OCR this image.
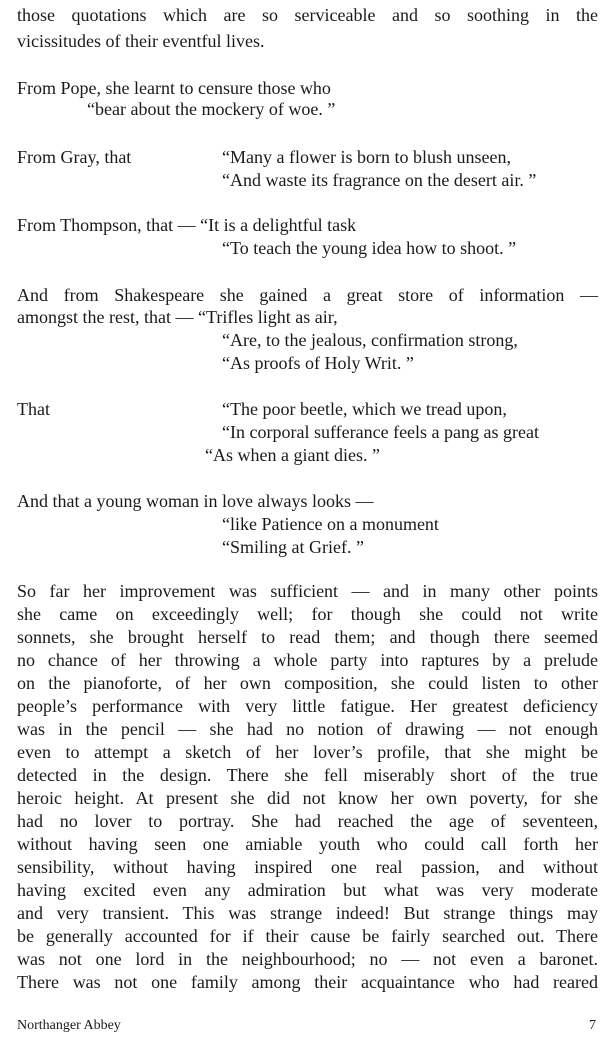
those quotations which are so serviceable and so soothing in the
vicissitudes of their eventful lives.
From Pope, she learnt to censure those who
“bear about the mockery of woe. ”
From Gray, that	“Many a flower is born to blush unseen,
“And waste its fragrance on the desert air. ”
From Thompson, that — “It is a delightful task
“To teach the young idea how to shoot. ”
And from Shakespeare she gained a great store of information —
amongst the rest, that — “Trifles light as air,
“Are, to the jealous, confirmation strong,
“As proofs of Holy Writ. ”
That	“The poor beetle, which we tread upon,
“In corporal sufferance feels a pang as great
“As when a giant dies. ”
And that a young woman in love always looks —
“like Patience on a monument
“Smiling at Grief. ”
So far her improvement was sufficient — and in many other points
she came on exceedingly well; for though she could not write
sonnets, she brought herself to read them; and though there seemed
no chance of her throwing a whole party into raptures by a prelude
on the pianoforte, of her own composition, she could listen to other
people’s performance with very little fatigue. Her greatest deficiency
was in the pencil — she had no notion of drawing — not enough
even to attempt a sketch of her lover’s profile, that she might be
detected in the design. There she fell miserably short of the true
heroic height. At present she did not know her own poverty, for she
had no lover to portray. She had reached the age of seventeen,
without having seen one amiable youth who could call forth her
sensibility, without having inspired one real passion, and without
having excited even any admiration but what was very moderate
and very transient. This was strange indeed! But strange things may
be generally accounted for if their cause be fairly searched out. There
was not one lord in the neighbourhood; no — not even a baronet.
There was not one family among their acquaintance who had reared
Northanger Abbey	7
